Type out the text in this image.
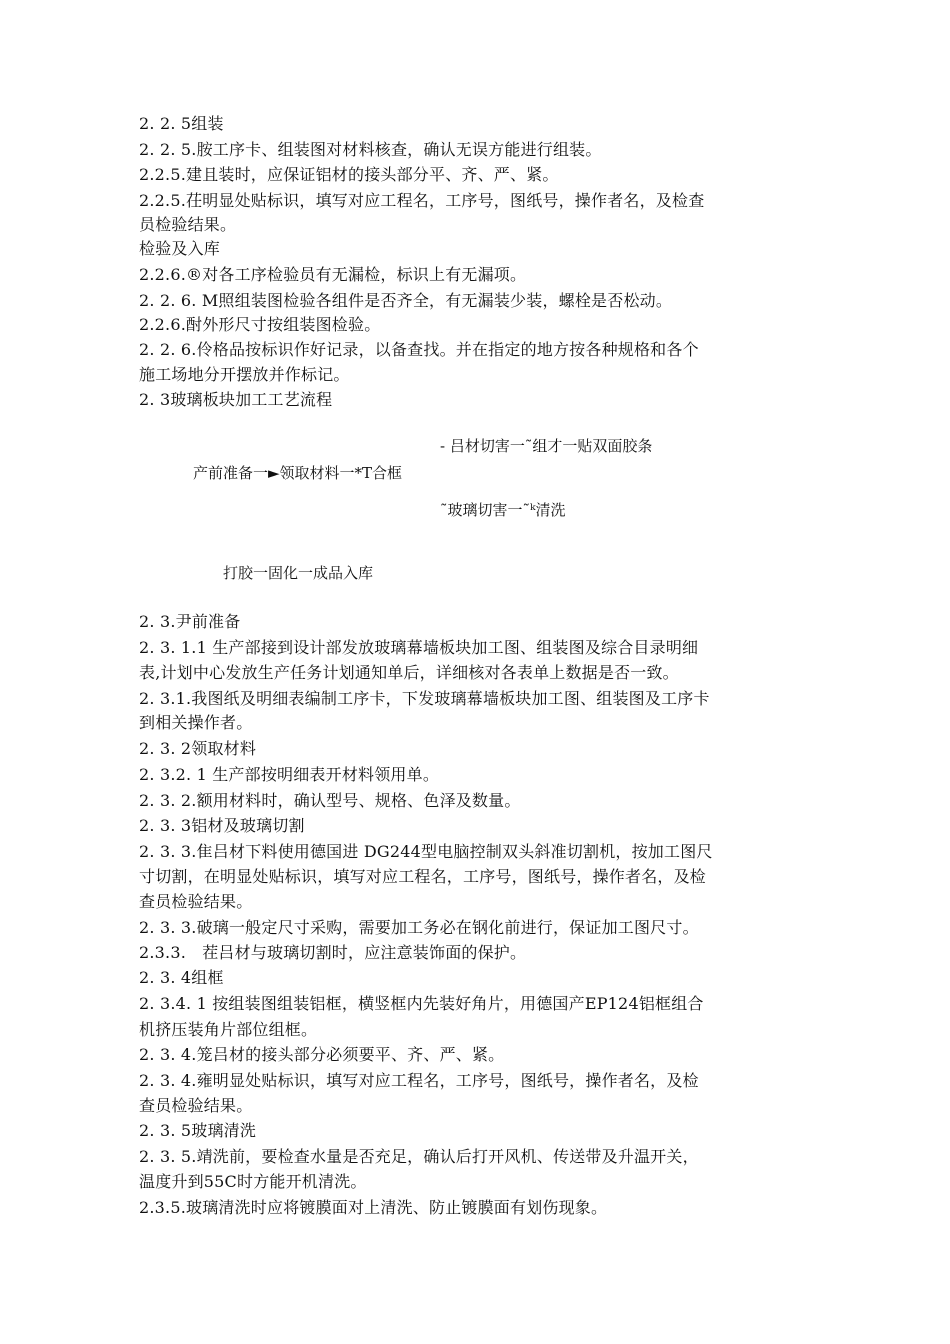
2. 2. 5组装
2. 2. 5.胺工序卡、组装图对材料核查，确认无误方能进行组装。
2.2.5.建且装时，应保证铝材的接头部分平、齐、严、紧。
2.2.5.茌明显处贴标识，填写对应工程名，工序号，图纸号，操作者名，及检查
员检验结果。
检验及入库
2.2.6.®对各工序检验员有无漏检，标识上有无漏项。
2. 2. 6. M照组装图检验各组件是否齐全，有无漏装少装，螺栓是否松动。
2.2.6.酎外形尺寸按组装图检验。
2. 2. 6.伶格品按标识作好记录，以备查找。并在指定的地方按各种规格和各个
施工场地分开摆放并作标记。
2. 3玻璃板块加工工艺流程
- 吕材切害一˜组才一贴双面胶条
产前准备一►领取材料一*T合框
˜玻璃切害一˜ᵏ清洗
打胶一固化一成品入库
2. 3.尹前准备
2. 3. 1.1 生产部接到设计部发放玻璃幕墙板块加工图、组装图及综合目录明细
表,计划中心发放生产任务计划通知单后，详细核对各表单上数据是否一致。
2. 3.1.我图纸及明细表编制工序卡，下发玻璃幕墙板块加工图、组装图及工序卡
到相关操作者。
2. 3. 2领取材料
2. 3.2. 1 生产部按明细表开材料领用单。
2. 3. 2.额用材料时，确认型号、规格、色泽及数量。
2. 3. 3铝材及玻璃切割
2. 3. 3.隹吕材下料使用德国进 DG244型电脑控制双头斜准切割机，按加工图尺
寸切割，在明显处贴标识，填写对应工程名，工序号，图纸号，操作者名，及检
查员检验结果。
2. 3. 3.破璃一般定尺寸采购，需要加工务必在钢化前进行，保证加工图尺寸。
2.3.3.　茬吕材与玻璃切割时，应注意装饰面的保护。
2. 3. 4组框
2. 3.4. 1 按组装图组装铝框，横竖框内先装好角片，用德国产EP124铝框组合
机挤压装角片部位组框。
2. 3. 4.笼吕材的接头部分必须要平、齐、严、紧。
2. 3. 4.雍明显处贴标识，填写对应工程名，工序号，图纸号，操作者名，及检
查员检验结果。
2. 3. 5玻璃清洗
2. 3. 5.靖洗前，要检查水量是否充足，确认后打开风机、传送带及升温开关，
温度升到55C时方能开机清洗。
2.3.5.玻璃清洗时应将镀膜面对上清洗、防止镀膜面有划伤现象。
